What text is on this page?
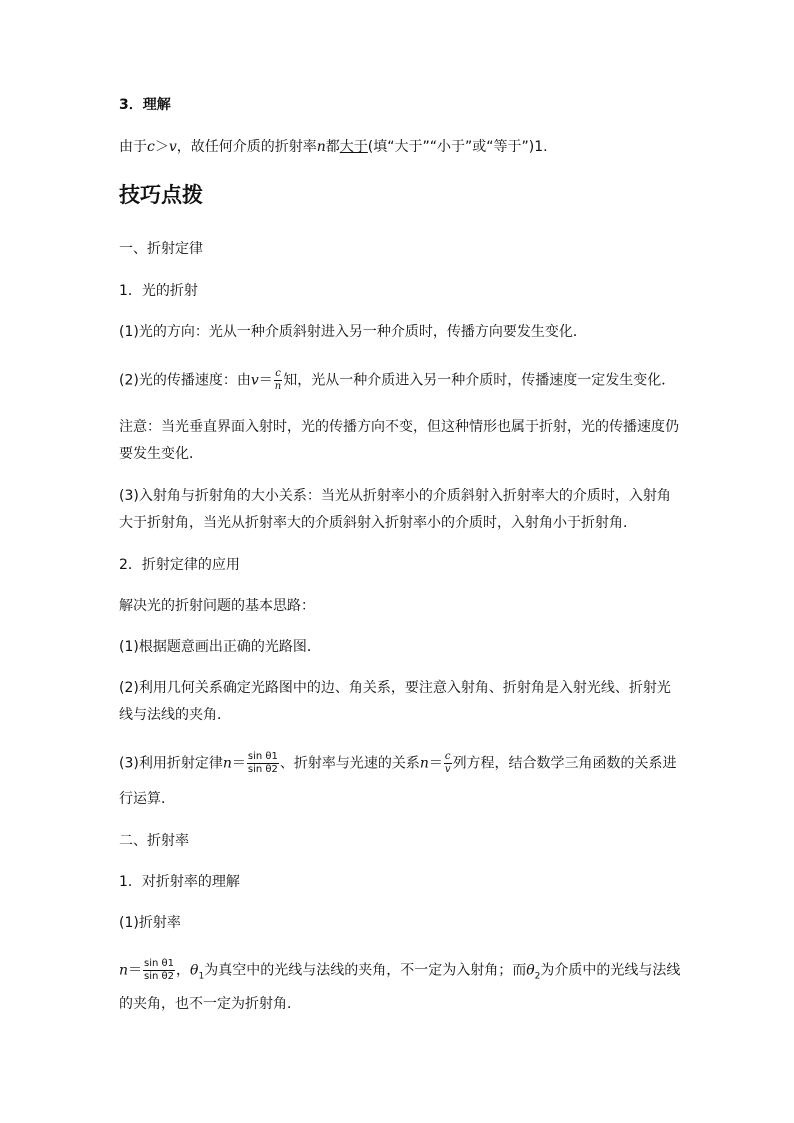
3．理解
由于c＞v，故任何介质的折射率n都大于(填“大于”“小于”或“等于”)1.
技巧点拨
一、折射定律
1．光的折射
(1)光的方向：光从一种介质斜射进入另一种介质时，传播方向要发生变化．
(2)光的传播速度：由$v= \frac{c}{n}$ 知，光从一种介质进入另一种介质时，传播速度一定发生变化．
注意：当光垂直界面入射时，光的传播方向不变，但这种情形也属于折射，光的传播速度仍
要发生变化．
(3)入射角与折射角的大小关系：当光从折射率小的介质斜射入折射率大的介质时，入射角
大于折射角，当光从折射率大的介质斜射入折射率小的介质时，入射角小于折射角．
2．折射定律的应用
解决光的折射问题的基本思路：
(1)根据题意画出正确的光路图．
(2)利用几何关系确定光路图中的边、角关系，要注意入射角、折射角是入射光线、折射光
线与法线的夹角．
(3)利用折射定律$n= \frac{\text{sin θ1}}{\text{sin θ2}}$ 、折射率与光速的关系$n= \frac{c}{v}$ 列方程，结合数学三角函数的关系进
行运算．
二、折射率
1．对折射率的理解
(1)折射率
$n= \frac{\text{sin θ1}}{\text{sin θ2}}$ ，$\theta_1$为真空中的光线与法线的夹角，不一定为入射角；而$\theta_2$为介质中的光线与法线
的夹角，也不一定为折射角．
